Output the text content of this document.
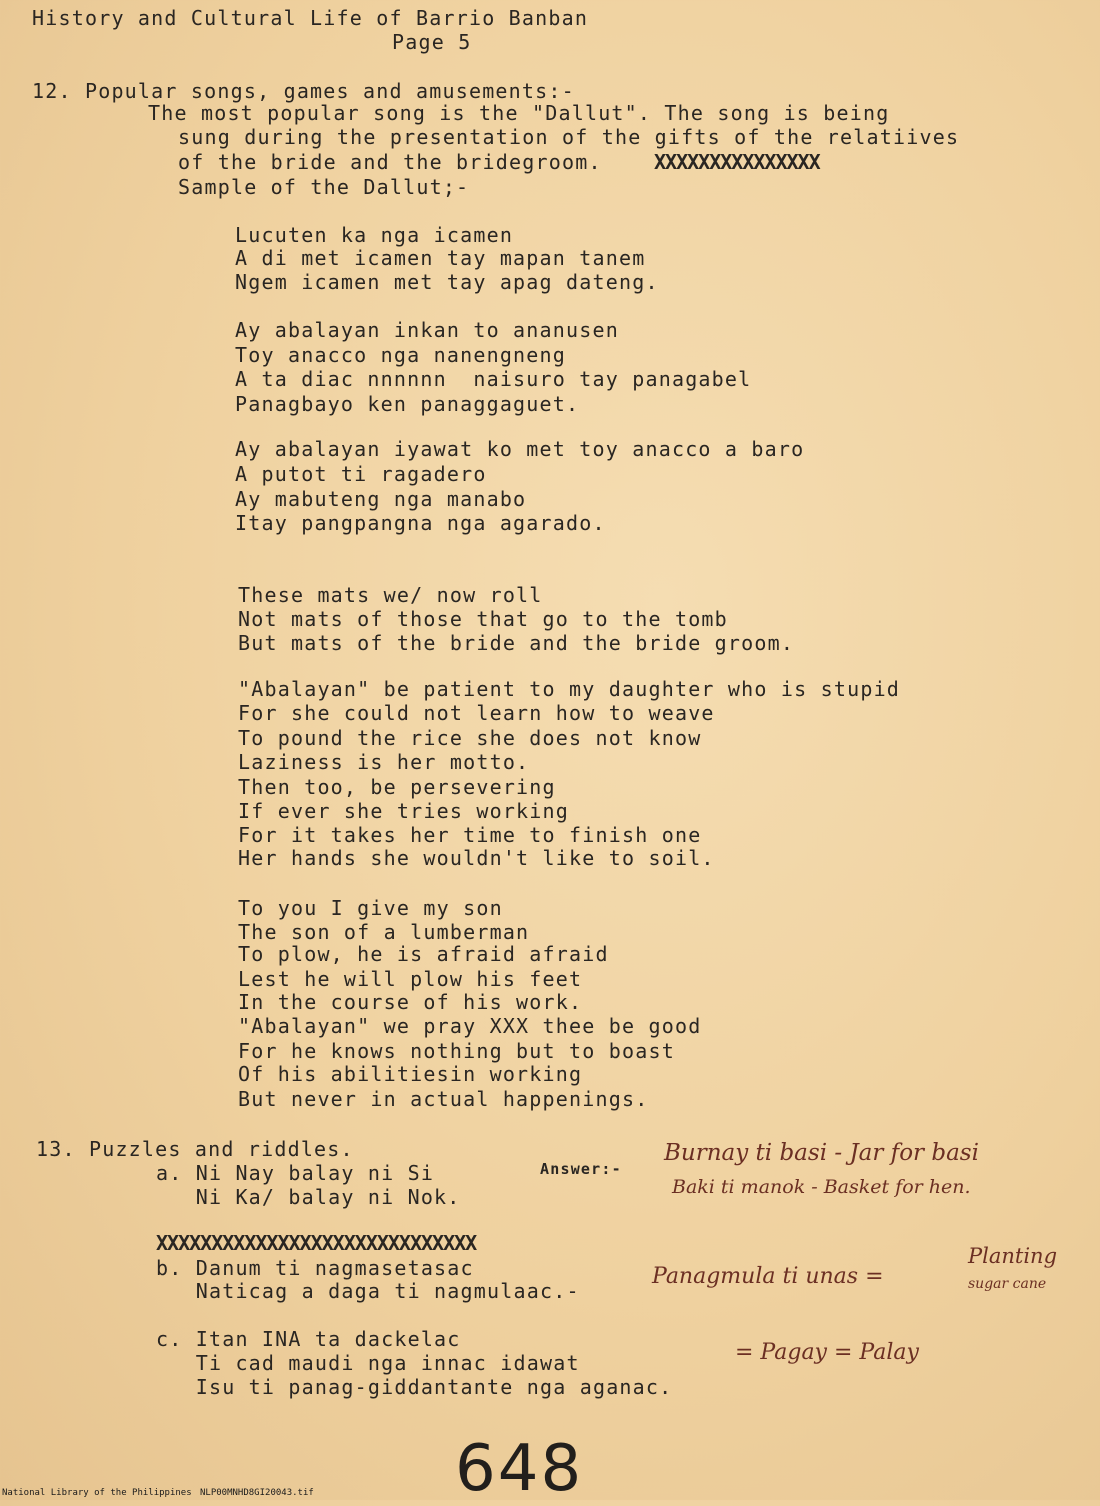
History and Cultural Life of Barrio Banban
Page 5
12. Popular songs, games and amusements:-
The most popular song is the "Dallut". The song is being
sung during the presentation of the gifts of the relatiives
of the bride and the bridegroom.	XXXXXXXXXXXXXXX
Sample of the Dallut;-
Lucuten ka nga icamen
A di met icamen tay mapan tanem
Ngem icamen met tay apag dateng.
Ay abalayan inkan to ananusen
Toy anacco nga nanengneng
A ta diac nnnnnn  naisuro tay panagabel
Panagbayo ken panaggaguet.
Ay abalayan iyawat ko met toy anacco a baro
A putot ti ragadero
Ay mabuteng nga manabo
Itay pangpangna nga agarado.
These mats we/ now roll
Not mats of those that go to the tomb
But mats of the bride and the bride groom.
"Abalayan" be patient to my daughter who is stupid
For she could not learn how to weave
To pound the rice she does not know
Laziness is her motto.
Then too, be persevering
If ever she tries working
For it takes her time to finish one
Her hands she wouldn't like to soil.
To you I give my son
The son of a lumberman
To plow, he is afraid afraid
Lest he will plow his feet
In the course of his work.
"Abalayan" we pray XXX thee be good
For he knows nothing but to boast
Of his abilitiesin working
But never in actual happenings.
13. Puzzles and riddles.
a. Ni Nay balay ni Si
Ni Ka/ balay ni Nok.
Answer:-
Burnay ti basi - Jar for basi
Baki ti manok - Basket for hen.
XXXXXXXXXXXXXXXXXXXXXXXXXXXXX
b. Danum ti nagmasetasac
Naticag a daga ti nagmulaac.-
Panagmula ti unas =
Planting
sugar cane
c. Itan INA ta dackelac
Ti cad maudi nga innac idawat
Isu ti panag-giddantante nga aganac.
= Pagay = Palay
648
National Library of the Philippines NLP00MNHD8GI20043.tif
